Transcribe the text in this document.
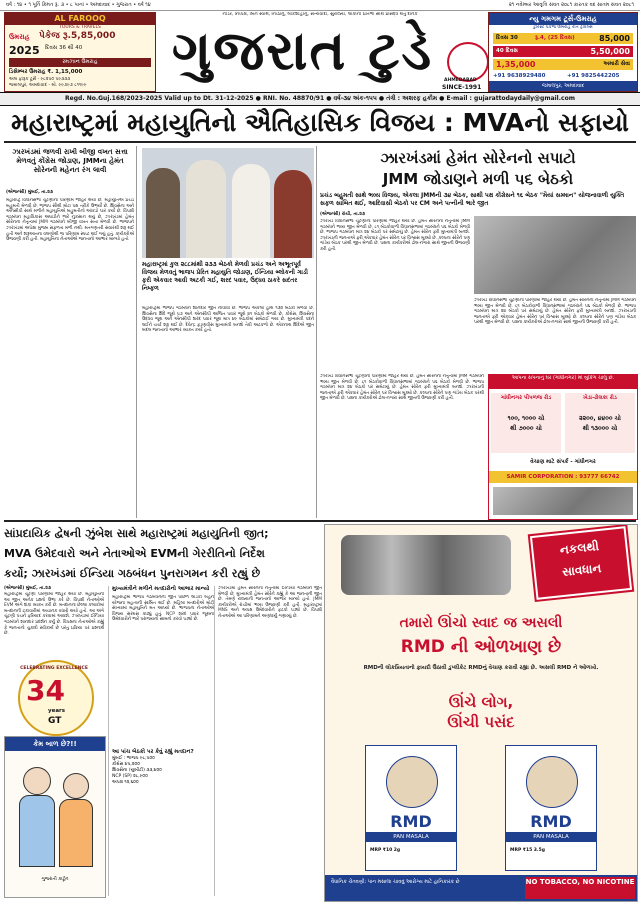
વર્ષ : ૧૪ • ૧ પૂર્તિ કિંમત રૂ. ૩ • ૮ પાનાં • અમદાવાદ • ગુજરાત • વર્ષ ૧૪	૨૧ નવેમ્બર આવૃત્તિ સંવત ૨૦૮૧ કારતક વદ સાતમ સંવત ૨૦૮૧
AL FAROOQ
TOURS & TRAVELS
ઉમરાહ પેકેજ રૂ.5,85,000
2025 દિવસ 36 થી 40
રમઝાન ઉમરાહ
ડિસેમ્બર ઉમરાહ ₹. 1,15,000
અલ ફારૂક ટૂર્સ - ૯૮૨૫૦ ૫૯૩૩૩
જમાલપુર, અમદાવાદ - મો. ૯૯૭૯૭ ૮૧૧૯૯
નીડર, નિષ્પક્ષ, બિન સ્વાર્થ, નિષ્ઠાનું, લોકશાહીનું, સત્યવાદી, સુરાજ્ય, લોકોની પ્રતિભા સાથે પ્રસિદ્ધ થતું દૈનિક
ગુજરાત ટુડે	AHMEDABAD
SINCE-1991
ન્યુ ગમગમ ટૂર્સ-ઉમરાહ
ટુરિસ્ટ પેકેજ ઉમરાહ રીતે ટ્રાવેલ્સ
દિવસ 30	રૂ.4, (25 દિવસ)	85,000
40 દિવસ	5,50,000
1,35,000	અમારી સેવા
+91 9638929480	+91 9825442205
જમાલપુર, અમદાવાદ
Regd. No.Guj.168/2023-2025 Valid up to Dt. 31-12-2025 ● RNI. No. 48870/91 ● વર્ષ-૩૪ અંક-૧૫૫ ● તંત્રી : અશરફ હકીમ ● E-mail : gujarattodaydaily@gmail.com
મહારાષ્ટ્રમાં મહાયુતિનો ઐતિહાસિક વિજય : MVAનો સફાયો
ઝારખંડમાં જળવી રાખી બીજી વખત સત્તા મેળવતું કોંગ્રેસ જોડાણ, JMMના હેમંત સોરેનની મહેનત રંગ લાવી
(એજન્સી) મુંબઈ, તા.૨૩
મહારાષ્ટ્ર વિધાનસભા ચૂંટણીના પરિણામ જાહેર થયા છે. મહાયુતિએ પ્રચંડ બહુમતી મેળવી છે. ભાજપ સૌથી મોટા પક્ષ તરીકે ઉભર્યો છે. શિવસેના અને એનસીપી સાથે મળીને મહાયુતિએ બહુમતીનો આંકડો પાર કર્યો છે. વિપક્ષી ગઠબંધન મહાવિકાસ અઘાડીને ભારે નુકસાન થયું છે. ઝારખંડમાં હેમંત સોરેનના નેતૃત્વમાં JMM ગઠબંધને બીજી વખત સત્તા મેળવી છે. ભાજપને ઝારખંડમાં અપેક્ષા મુજબ સફળતા મળી નથી. મતગણતરી સવારથી શરૂ થઈ હતી અને શરૂઆતના વલણોથી જ પરિણામ સ્પષ્ટ થઈ ગયું હતું. કાર્યકરોએ ઉજવણી કરી હતી. મહાયુતિના નેતાઓએ જનતાનો આભાર માન્યો હતો.
મહારાષ્ટ્રમાં કુલ ૨૮૮માંથી ૨૩૩ બેઠકો મેળવી પ્રચંડ અને અભૂતપૂર્વ વિજય મેળવતું ભાજપ પ્રેરિત મહાયુતિ જોડાણ, ઈન્ડિયા બ્લોકની ગાડી ફરી એકવાર આવી અટકી ગઈ, શરદ પવાર, ઉદ્ધવ ઠાકરે સદંતર નિષ્ફળ
મહારાષ્ટ્રમાં ભાજપ ગઠબંધને શાનદાર જીત નોંધાવી છે. ભાજપે એકલા હાથે ૧૩૨ બેઠકો મેળવી છે. શિવસેના શિંદે જૂથે ૫૭ અને એનસીપી અજિત પવાર જૂથે ૪૧ બેઠકો મેળવી છે. કોંગ્રેસ, શિવસેના ઉદ્ધવ જૂથ અને એનસીપી શરદ પવાર જૂથ માત્ર ૪૯ બેઠકોમાં સમેટાઈ ગયા છે. મુખ્યમંત્રી પદને લઈને ચર્ચા શરૂ થઈ છે. દેવેન્દ્ર ફડણવીસ મુખ્યમંત્રી બનશે તેવી અટકળો છે. એકનાથ શિંદેએ જીત બદલ જનતાનો આભાર વ્યક્ત કર્યો હતો.
ઝારખંડમાં હેમંત સોરેનનો સપાટો
JMM જોડાણને મળી ૫૬ બેઠકો
પ્રચંડ બહુમતી સાથે ભવ્ય વિજય, એકલા JMMની ૩૪ બેઠક, સાથી પક્ષ કોંગ્રેસને ૧૬ બેઠક "મૈયાં સમ્માન" યોજનાવાળી યુક્તિ સફળ સાબિત થઈ, આદિવાસી બેઠકો પર CM અને પત્નીની ભારે જીત
(એજન્સી) રાંચી, તા.૨૩
ઝારખંડ વિધાનસભા ચૂંટણીના પરિણામો જાહેર થયા છે. હેમંત સોરેનના નેતૃત્વમાં JMM ગઠબંધને ભવ્ય જીત મેળવી છે. ૮૧ બેઠકોવાળી વિધાનસભામાં ગઠબંધને ૫૬ બેઠકો મેળવી છે. ભાજપ ગઠબંધન માત્ર ૨૪ બેઠકો પર સમેટાયું છે. હેમંત સોરેન ફરી મુખ્યમંત્રી બનશે. ઝારખંડની જનતાએ ફરી એકવાર હેમંત સોરેન પર વિશ્વાસ મૂક્યો છે. કલ્પના સોરેને પણ ગાંડેય બેઠક પરથી જીત મેળવી છે. પક્ષના કાર્યકરોએ ઢોલ-નગારા સાથે જીતની ઉજવણી કરી હતી.
ઝારખંડ વિધાનસભા ચૂંટણીના પરિણામો જાહેર થયા છે. હેમંત સોરેનના નેતૃત્વમાં JMM ગઠબંધને ભવ્ય જીત મેળવી છે. ૮૧ બેઠકોવાળી વિધાનસભામાં ગઠબંધને ૫૬ બેઠકો મેળવી છે. ભાજપ ગઠબંધન માત્ર ૨૪ બેઠકો પર સમેટાયું છે. હેમંત સોરેન ફરી મુખ્યમંત્રી બનશે. ઝારખંડની જનતાએ ફરી એકવાર હેમંત સોરેન પર વિશ્વાસ મૂક્યો છે. કલ્પના સોરેને પણ ગાંડેય બેઠક પરથી જીત મેળવી છે. પક્ષના કાર્યકરોએ ઢોલ-નગારા સાથે જીતની ઉજવણી કરી હતી.
આપના સપનાનું ઘર (ગાંધીનગર) માં બુકિંગ ચાલુ છે.
ગાંધીનગર પીપળજ રોડ
૧૦૦, ૧૦૦૦ ચો
થી ૭૦૦૦ ચો
ખેડા-ઢોલકા રોડ
૨૨૦૦, ૪૪૦૦ ચો
થી ૧૩૦૦૦ ચો
વેચાણ માટે સંપર્ક - ગાંધીનગર
SAMIR CORPORATION : 93777 66742
ઝારખંડ વિધાનસભા ચૂંટણીના પરિણામો જાહેર થયા છે. હેમંત સોરેનના નેતૃત્વમાં JMM ગઠબંધને ભવ્ય જીત મેળવી છે. ૮૧ બેઠકોવાળી વિધાનસભામાં ગઠબંધને ૫૬ બેઠકો મેળવી છે. ભાજપ ગઠબંધન માત્ર ૨૪ બેઠકો પર સમેટાયું છે. હેમંત સોરેન ફરી મુખ્યમંત્રી બનશે. ઝારખંડની જનતાએ ફરી એકવાર હેમંત સોરેન પર વિશ્વાસ મૂક્યો છે. કલ્પના સોરેને પણ ગાંડેય બેઠક પરથી જીત મેળવી છે. પક્ષના કાર્યકરોએ ઢોલ-નગારા સાથે જીતની ઉજવણી કરી હતી.
સાંપ્રદાયિક દ્વેષની ઝુંબેશ સાથે મહારાષ્ટ્રમાં મહાયુતિની જીત;
MVA ઉમેદવારો અને નેતાઓએ EVMની ગેરરીતિનો નિર્દેશ
કર્યો; ઝારખંડમાં ઈન્ડિયા ગઠબંધન પુનરાગમન કરી રહ્યું છે
(એજન્સી) મુંબઈ, તા.૨૩
મહારાષ્ટ્રમાં ચૂંટણી પરિણામો જાહેર થયા છે. મહાયુતિની આ જીત અનેક પ્રશ્નો ઉભા કરે છે. વિપક્ષી નેતાઓએ EVM અંગે શંકા વ્યક્ત કરી છે. મતદાનના છેલ્લા કલાકોમાં મતદાનની ટકાવારીમાં અચાનક વધારો થયો હતો. આ અંગે ચૂંટણી પંચને ફરિયાદ કરવામાં આવશે. ઝારખંડમાં ઈન્ડિયા ગઠબંધને શાનદાર પ્રદર્શન કર્યું છે. વિપક્ષના નેતાઓએ કહ્યું કે જનતાનો ચુકાદો સ્વીકાર્ય છે પરંતુ પ્રક્રિયા પર પ્રશ્નાર્થ છે.
CELEBRATING EXCELLENCE
34
years
GT
કેમ બાળ છે?!!
ગુજરાતી કાર્ટૂન
મુખ્યમંત્રીને મળીને મતદારોનો આભાર માન્યો
મહારાષ્ટ્રમાં ભાજપ ગઠબંધનની જીત પાછળ લાડકી બહેન યોજના મહત્વની સાબિત થઈ છે. મહિલા મતદારોએ મોટી સંખ્યામાં મહાયુતિને મત આપ્યો છે. ભાજપના નેતાઓએ વિજય સરઘસ કાઢ્યું હતું. NCP શરદ પવાર જૂથના ઉમેદવારોને ભારે પરાજયનો સામનો કરવો પડ્યો છે.
આ પાંચ બેઠકો પર કેવું રહ્યું મતદાન?
મુંબઈ : ભાજપ ૯૮,૫૦૦
કોંગ્રેસ ૪૫,૨૦૦
શિવસેના (યુબીટી) ૩૩,૪૦૦
NCP (SP) ૨૮,૯૦૦
અપક્ષ ૧૨,૬૦૦
ઝારખંડમાં હેમંત સોરેનના નેતૃત્વમાં ઈન્ડિયા ગઠબંધને જીત મેળવી છે. મુખ્યમંત્રી હેમંત સોરેને કહ્યું કે આ જનતાની જીત છે. તેમણે રાજ્યની જનતાનો આભાર માન્યો હતો. JMM કાર્યકરોએ રાંચીમાં ભવ્ય ઉજવણી કરી હતી. મહારાષ્ટ્રમાં MNS અને અપક્ષ ઉમેદવારોને ફટકો પડ્યો છે. વિપક્ષી નેતાઓએ આ પરિણામને અણધાર્યું ગણાવ્યું છે.
નકલથી
સાવધાન
તમારો ઊંચો સ્વાદ જ અસલી
RMD ની ઓળખાણ છે
RMDની લોકપ્રિયતાનો ફાયદો ઉઠાવી ડુપ્લીકેટ RMDનું વેચાણ કરાવી રહ્યા છે. અસલી RMD ને ઓળખો.
ઊંચે લોગ,
ઊંચી પસંદ
RMD
PAN MASALA
MRP ₹10 2g
RMD
PAN MASALA
MRP ₹15 3.5g
વૈધાનિક ચેતવણી: પાન મસાલા ચાવવું આરોગ્ય માટે હાનિકારક છે	NO TOBACCO, NO NICOTINE
